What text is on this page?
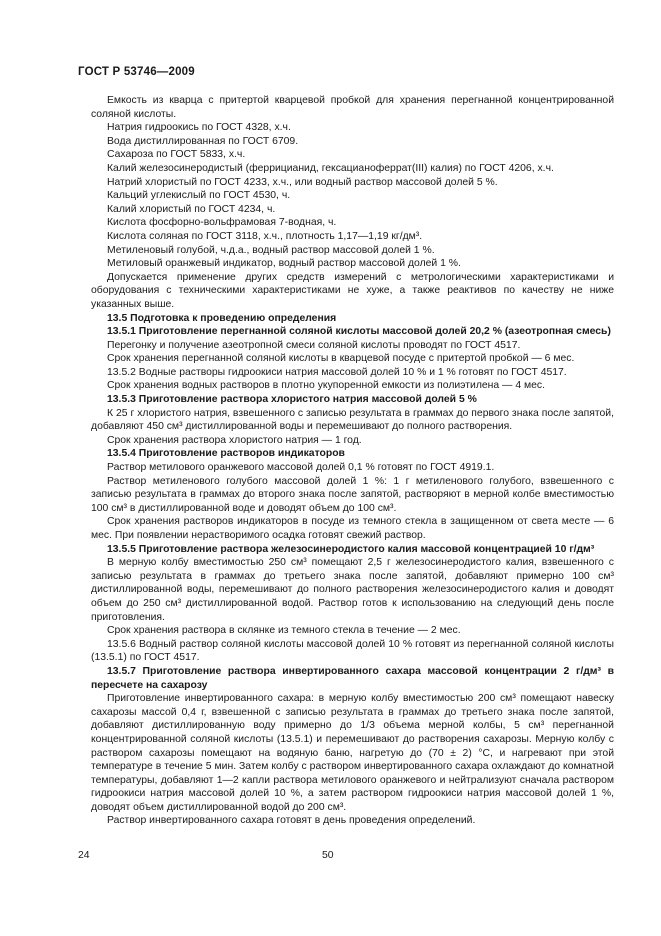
ГОСТ Р 53746—2009

Емкость из кварца с притертой кварцевой пробкой для хранения перегнанной концентрированной соляной кислоты.

Натрия гидроокись по ГОСТ 4328, х.ч.

Вода дистиллированная по ГОСТ 6709.

Сахароза по ГОСТ 5833, х.ч.

Калий железосинеродистый (феррицианид, гексацианоферрат(III) калия) по ГОСТ 4206, х.ч.

Натрий хлористый по ГОСТ 4233, х.ч., или водный раствор массовой долей 5 %.

Кальций углекислый по ГОСТ 4530, ч.

Калий хлористый по ГОСТ 4234, ч.

Кислота фосфорно-вольфрамовая 7-водная, ч.

Кислота соляная по ГОСТ 3118, х.ч., плотность 1,17—1,19 кг/дм³.

Метиленовый голубой, ч.д.а., водный раствор массовой долей 1 %.

Метиловый оранжевый индикатор, водный раствор массовой долей 1 %.

Допускается применение других средств измерений с метрологическими характеристиками и оборудования с техническими характеристиками не хуже, а также реактивов по качеству не ниже указанных выше.

13.5 Подготовка к проведению определения

13.5.1 Приготовление перегнанной соляной кислоты массовой долей 20,2 % (азеотропная смесь)

Перегонку и получение азеотропной смеси соляной кислоты проводят по ГОСТ 4517.

Срок хранения перегнанной соляной кислоты в кварцевой посуде с притертой пробкой — 6 мес.

13.5.2 Водные растворы гидроокиси натрия массовой долей 10 % и 1 % готовят по ГОСТ 4517.

Срок хранения водных растворов в плотно укупоренной емкости из полиэтилена — 4 мес.

13.5.3 Приготовление раствора хлористого натрия массовой долей 5 %

К 25 г хлористого натрия, взвешенного с записью результата в граммах до первого знака после запятой, добавляют 450 см³ дистиллированной воды и перемешивают до полного растворения.

Срок хранения раствора хлористого натрия — 1 год.

13.5.4 Приготовление растворов индикаторов

Раствор метилового оранжевого массовой долей 0,1 % готовят по ГОСТ 4919.1.

Раствор метиленового голубого массовой долей 1 %: 1 г метиленового голубого, взвешенного с записью результата в граммах до второго знака после запятой, растворяют в мерной колбе вместимостью 100 см³ в дистиллированной воде и доводят объем до 100 см³.

Срок хранения растворов индикаторов в посуде из темного стекла в защищенном от света месте — 6 мес. При появлении нерастворимого осадка готовят свежий раствор.

13.5.5 Приготовление раствора железосинеродистого калия массовой концентрацией 10 г/дм³

В мерную колбу вместимостью 250 см³ помещают 2,5 г железосинеродистого калия, взвешенного с записью результата в граммах до третьего знака после запятой, добавляют примерно 100 см³ дистиллированной воды, перемешивают до полного растворения железосинеродистого калия и доводят объем до 250 см³ дистиллированной водой. Раствор готов к использованию на следующий день после приготовления.

Срок хранения раствора в склянке из темного стекла в течение — 2 мес.

13.5.6 Водный раствор соляной кислоты массовой долей 10 % готовят из перегнанной соляной кислоты (13.5.1) по ГОСТ 4517.

13.5.7 Приготовление раствора инвертированного сахара массовой концентрации 2 г/дм³ в пересчете на сахарозу

Приготовление инвертированного сахара: в мерную колбу вместимостью 200 см³ помещают навеску сахарозы массой 0,4 г, взвешенной с записью результата в граммах до третьего знака после запятой, добавляют дистиллированную воду примерно до 1/3 объема мерной колбы, 5 см³ перегнанной концентрированной соляной кислоты (13.5.1) и перемешивают до растворения сахарозы. Мерную колбу с раствором сахарозы помещают на водяную баню, нагретую до (70 ± 2) °С, и нагревают при этой температуре в течение 5 мин. Затем колбу с раствором инвертированного сахара охлаждают до комнатной температуры, добавляют 1—2 капли раствора метилового оранжевого и нейтрализуют сначала раствором гидроокиси натрия массовой долей 10 %, а затем раствором гидроокиси натрия массовой долей 1 %, доводят объем дистиллированной водой до 200 см³.

Раствор инвертированного сахара готовят в день проведения определений.

24	50
